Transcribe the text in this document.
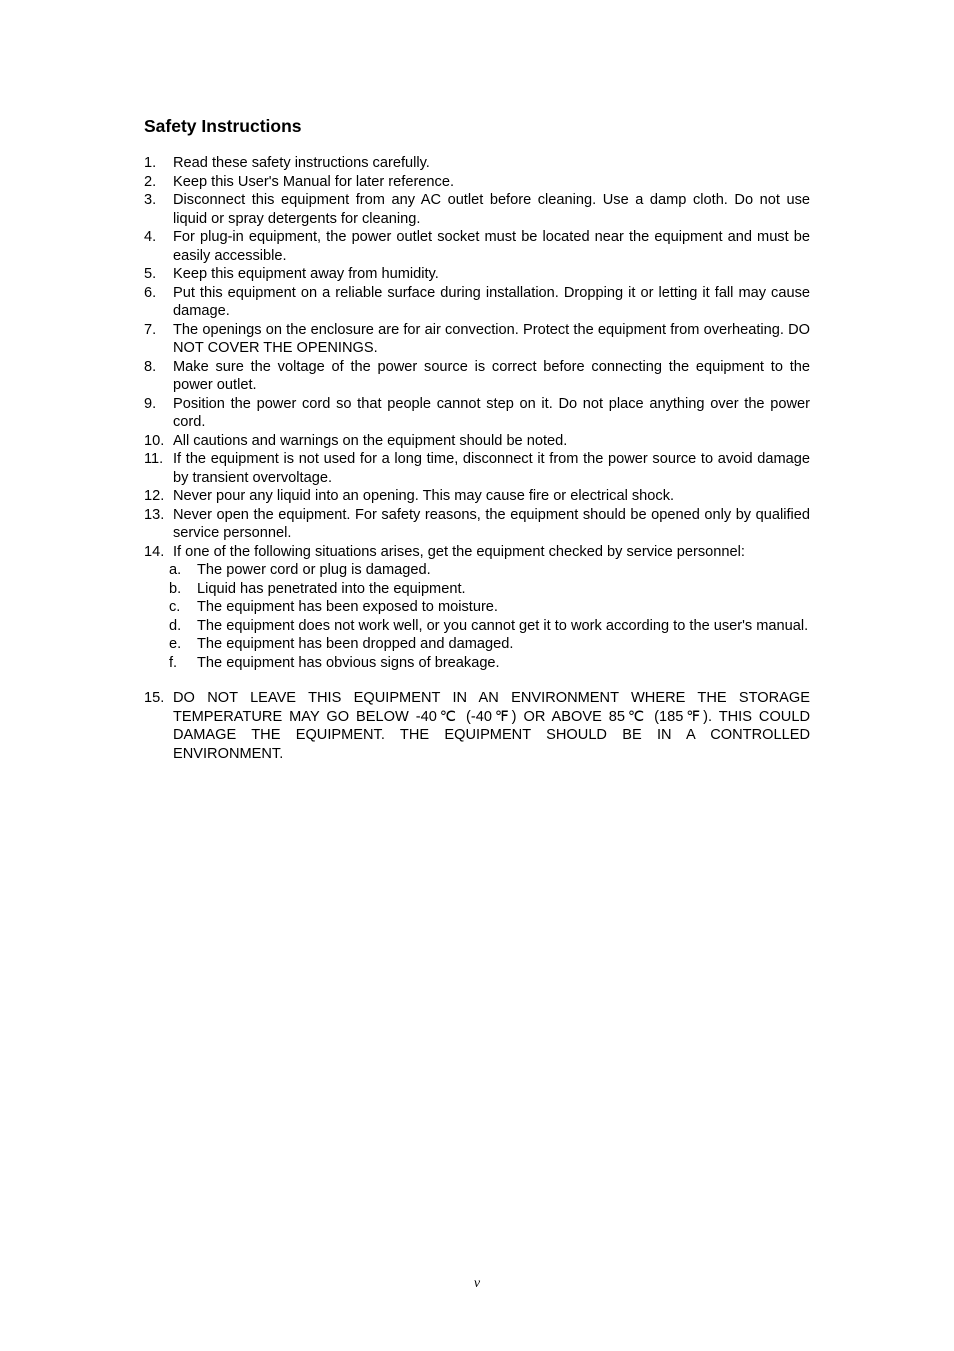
Safety Instructions
1. Read these safety instructions carefully.
2. Keep this User's Manual for later reference.
3. Disconnect this equipment from any AC outlet before cleaning. Use a damp cloth. Do not use liquid or spray detergents for cleaning.
4. For plug-in equipment, the power outlet socket must be located near the equipment and must be easily accessible.
5. Keep this equipment away from humidity.
6. Put this equipment on a reliable surface during installation. Dropping it or letting it fall may cause damage.
7. The openings on the enclosure are for air convection. Protect the equipment from overheating. DO NOT COVER THE OPENINGS.
8. Make sure the voltage of the power source is correct before connecting the equipment to the power outlet.
9. Position the power cord so that people cannot step on it. Do not place anything over the power cord.
10. All cautions and warnings on the equipment should be noted.
11. If the equipment is not used for a long time, disconnect it from the power source to avoid damage by transient overvoltage.
12. Never pour any liquid into an opening. This may cause fire or electrical shock.
13. Never open the equipment. For safety reasons, the equipment should be opened only by qualified service personnel.
14. If one of the following situations arises, get the equipment checked by service personnel:
a. The power cord or plug is damaged.
b. Liquid has penetrated into the equipment.
c. The equipment has been exposed to moisture.
d. The equipment does not work well, or you cannot get it to work according to the user's manual.
e. The equipment has been dropped and damaged.
f. The equipment has obvious signs of breakage.
15. DO NOT LEAVE THIS EQUIPMENT IN AN ENVIRONMENT WHERE THE STORAGE TEMPERATURE MAY GO BELOW -40℃ (-40℉) OR ABOVE 85℃ (185℉). THIS COULD DAMAGE THE EQUIPMENT. THE EQUIPMENT SHOULD BE IN A CONTROLLED ENVIRONMENT.
v
